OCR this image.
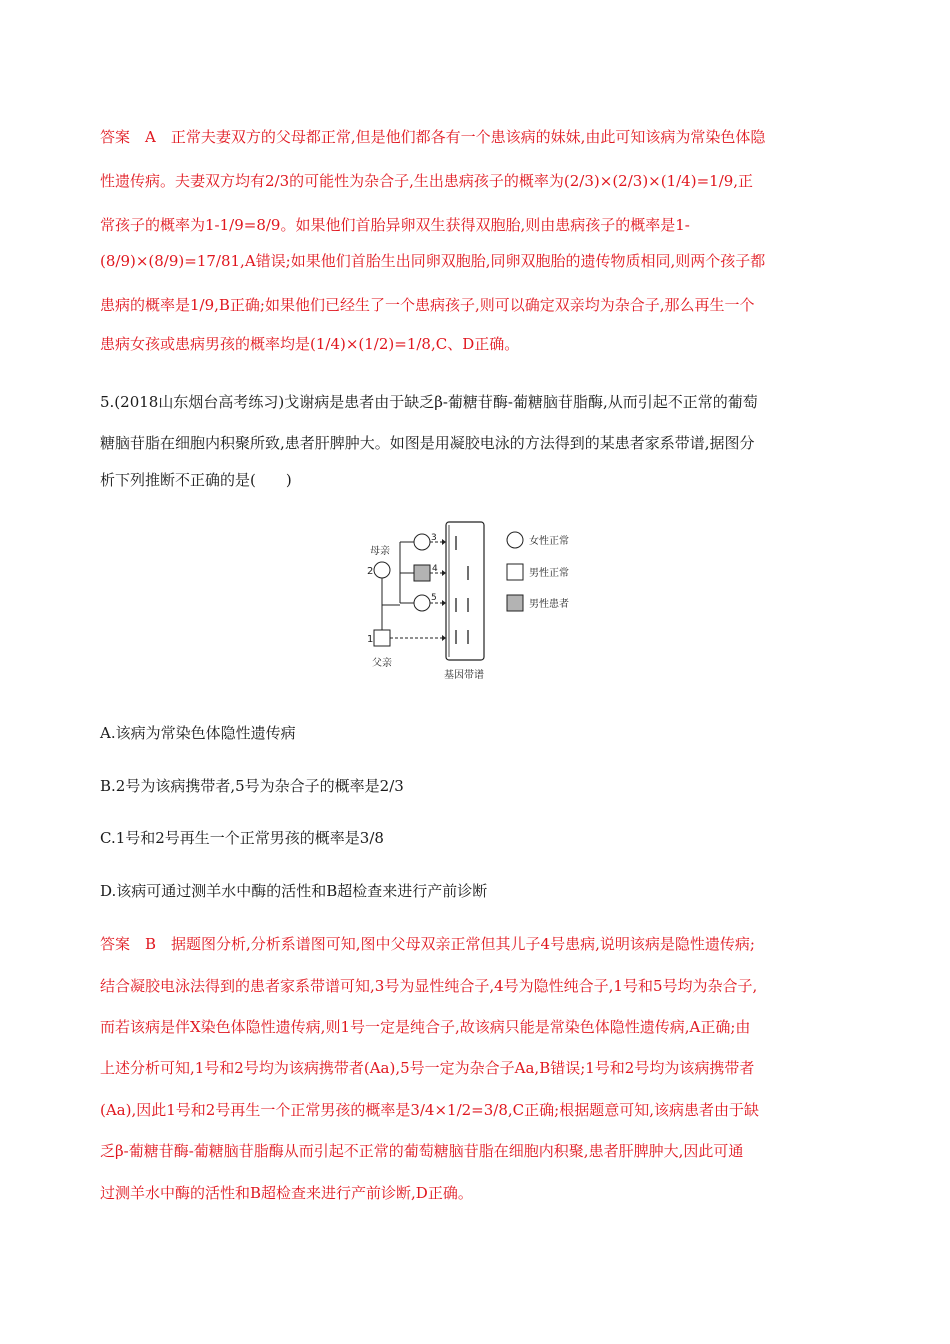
答案　A　正常夫妻双方的父母都正常,但是他们都各有一个患该病的妹妹,由此可知该病为常染色体隐
性遗传病。夫妻双方均有2/3的可能性为杂合子,生出患病孩子的概率为(2/3)×(2/3)×(1/4)=1/9,正
常孩子的概率为1-1/9=8/9。如果他们首胎异卵双生获得双胞胎,则由患病孩子的概率是1-
(8/9)×(8/9)=17/81,A错误;如果他们首胎生出同卵双胞胎,同卵双胞胎的遗传物质相同,则两个孩子都
患病的概率是1/9,B正确;如果他们已经生了一个患病孩子,则可以确定双亲均为杂合子,那么再生一个
患病女孩或患病男孩的概率均是(1/4)×(1/2)=1/8,C、D正确。
5.(2018山东烟台高考练习)戈谢病是患者由于缺乏β-葡糖苷酶-葡糖脑苷脂酶,从而引起不正常的葡萄
糖脑苷脂在细胞内积聚所致,患者肝脾肿大。如图是用凝胶电泳的方法得到的某患者家系带谱,据图分
析下列推断不正确的是(　　)
母亲
2
3
4
5
1
父亲
基因带谱
女性正常
男性正常
男性患者
A.该病为常染色体隐性遗传病
B.2号为该病携带者,5号为杂合子的概率是2/3
C.1号和2号再生一个正常男孩的概率是3/8
D.该病可通过测羊水中酶的活性和B超检查来进行产前诊断
答案　B　据题图分析,分析系谱图可知,图中父母双亲正常但其儿子4号患病,说明该病是隐性遗传病;
结合凝胶电泳法得到的患者家系带谱可知,3号为显性纯合子,4号为隐性纯合子,1号和5号均为杂合子,
而若该病是伴X染色体隐性遗传病,则1号一定是纯合子,故该病只能是常染色体隐性遗传病,A正确;由
上述分析可知,1号和2号均为该病携带者(Aa),5号一定为杂合子Aa,B错误;1号和2号均为该病携带者
(Aa),因此1号和2号再生一个正常男孩的概率是3/4×1/2=3/8,C正确;根据题意可知,该病患者由于缺
乏β-葡糖苷酶-葡糖脑苷脂酶从而引起不正常的葡萄糖脑苷脂在细胞内积聚,患者肝脾肿大,因此可通
过测羊水中酶的活性和B超检查来进行产前诊断,D正确。
